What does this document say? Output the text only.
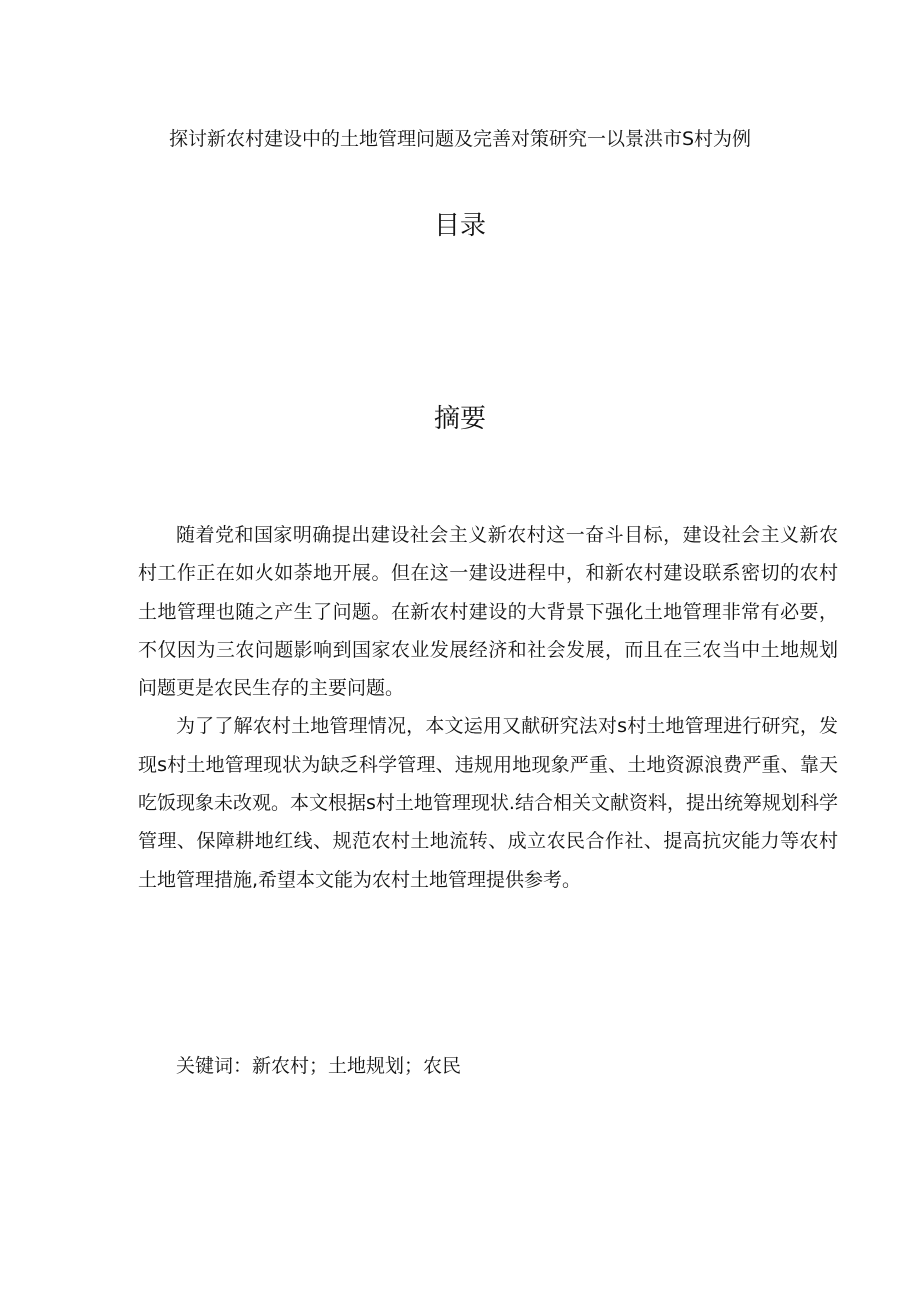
探讨新农村建设中的土地管理问题及完善对策研究一以景洪市S村为例
目录
摘要

随着党和国家明确提出建设社会主义新农村这一奋斗目标，建设社会主义新农村工作正在如火如荼地开展。但在这一建设进程中，和新农村建设联系密切的农村土地管理也随之产生了问题。在新农村建设的大背景下强化土地管理非常有必要，不仅因为三农问题影响到国家农业发展经济和社会发展，而且在三农当中土地规划问题更是农民生存的主要问题。

为了了解农村土地管理情况，本文运用又献研究法对s村土地管理进行研究，发现s村土地管理现状为缺乏科学管理、违规用地现象严重、土地资源浪费严重、靠天吃饭现象未改观。本文根据s村土地管理现状.结合相关文献资料，提出统筹规划科学管理、保障耕地红线、规范农村土地流转、成立农民合作社、提高抗灾能力等农村土地管理措施,希望本文能为农村土地管理提供参考。

关键词：新农村；土地规划；农民
